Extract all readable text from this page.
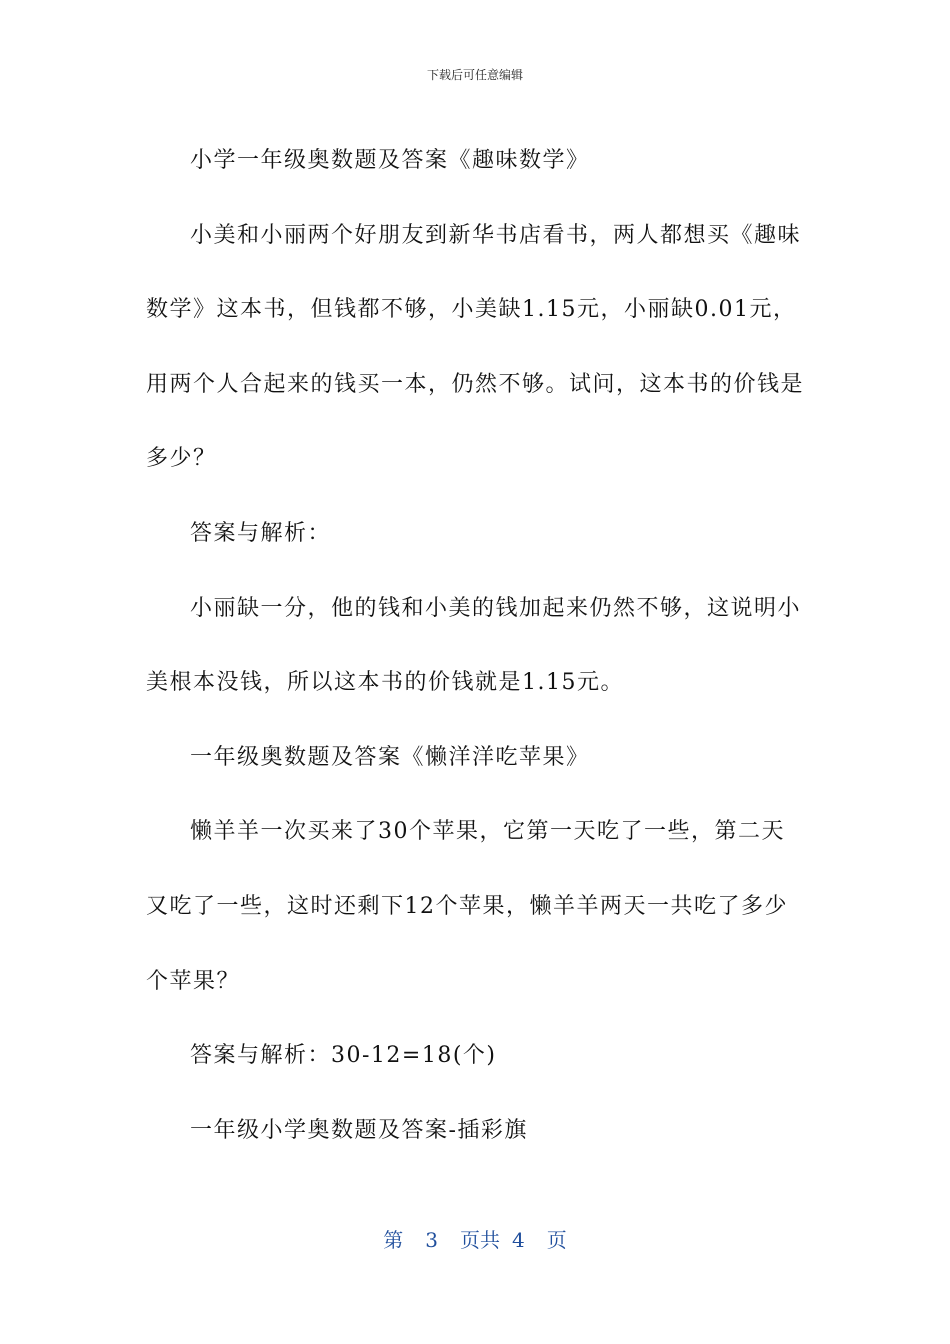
下载后可任意编辑

小学一年级奥数题及答案《趣味数学》

小美和小丽两个好朋友到新华书店看书，两人都想买《趣味数学》这本书，但钱都不够，小美缺1.15元，小丽缺0.01元，用两个人合起来的钱买一本，仍然不够。试问，这本书的价钱是多少？

答案与解析：

小丽缺一分，他的钱和小美的钱加起来仍然不够，这说明小美根本没钱，所以这本书的价钱就是1.15元。

一年级奥数题及答案《懒洋洋吃苹果》

懒羊羊一次买来了30个苹果，它第一天吃了一些，第二天又吃了一些，这时还剩下12个苹果，懒羊羊两天一共吃了多少个苹果？

答案与解析：30-12=18(个)

一年级小学奥数题及答案-插彩旗

第 3 页共 4 页
